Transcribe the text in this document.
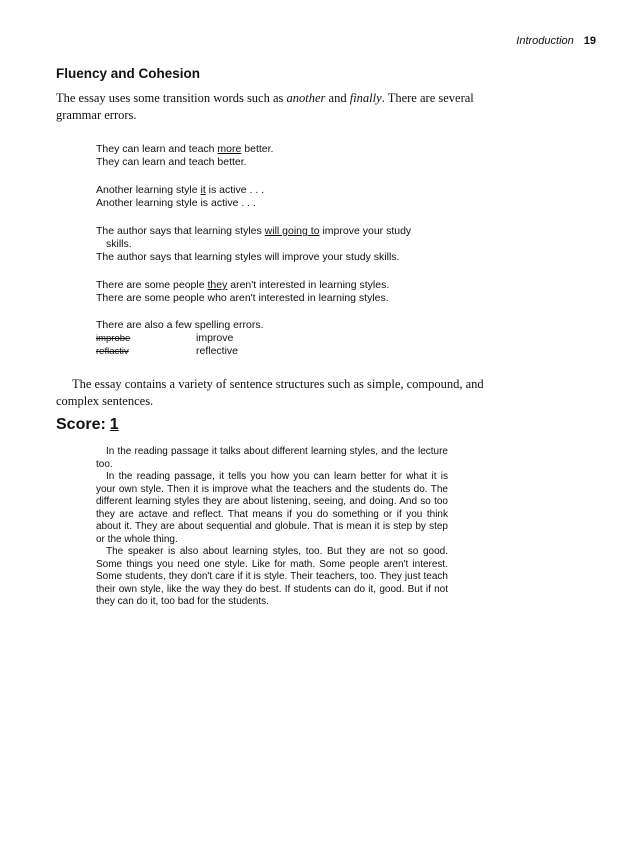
Introduction 19
Fluency and Cohesion

The essay uses some transition words such as another and finally. There are several grammar errors.

They can learn and teach more better.

They can learn and teach better.

Another learning style it is active . . .

Another learning style is active . . .

The author says that learning styles will going to improve your study

skills.

The author says that learning styles will improve your study skills.

There are some people they aren't interested in learning styles.

There are some people who aren't interested in learning styles.

There are also a few spelling errors.

improbe	improve
reflactiv	reflective

The essay contains a variety of sentence structures such as simple, compound, and complex sentences.

Score: 1

In the reading passage it talks about different learning styles, and the lecture too.

In the reading passage, it tells you how you can learn better for what it is your own style. Then it is improve what the teachers and the students do. The different learning styles they are about listening, seeing, and doing. And so too they are actave and reflect. That means if you do something or if you think about it. They are about sequential and globule. That is mean it is step by step or the whole thing.

The speaker is also about learning styles, too. But they are not so good. Some things you need one style. Like for math. Some people aren't interest. Some students, they don't care if it is style. Their teachers, too. They just teach their own style, like the way they do best. If students can do it, good. But if not they can do it, too bad for the students.
